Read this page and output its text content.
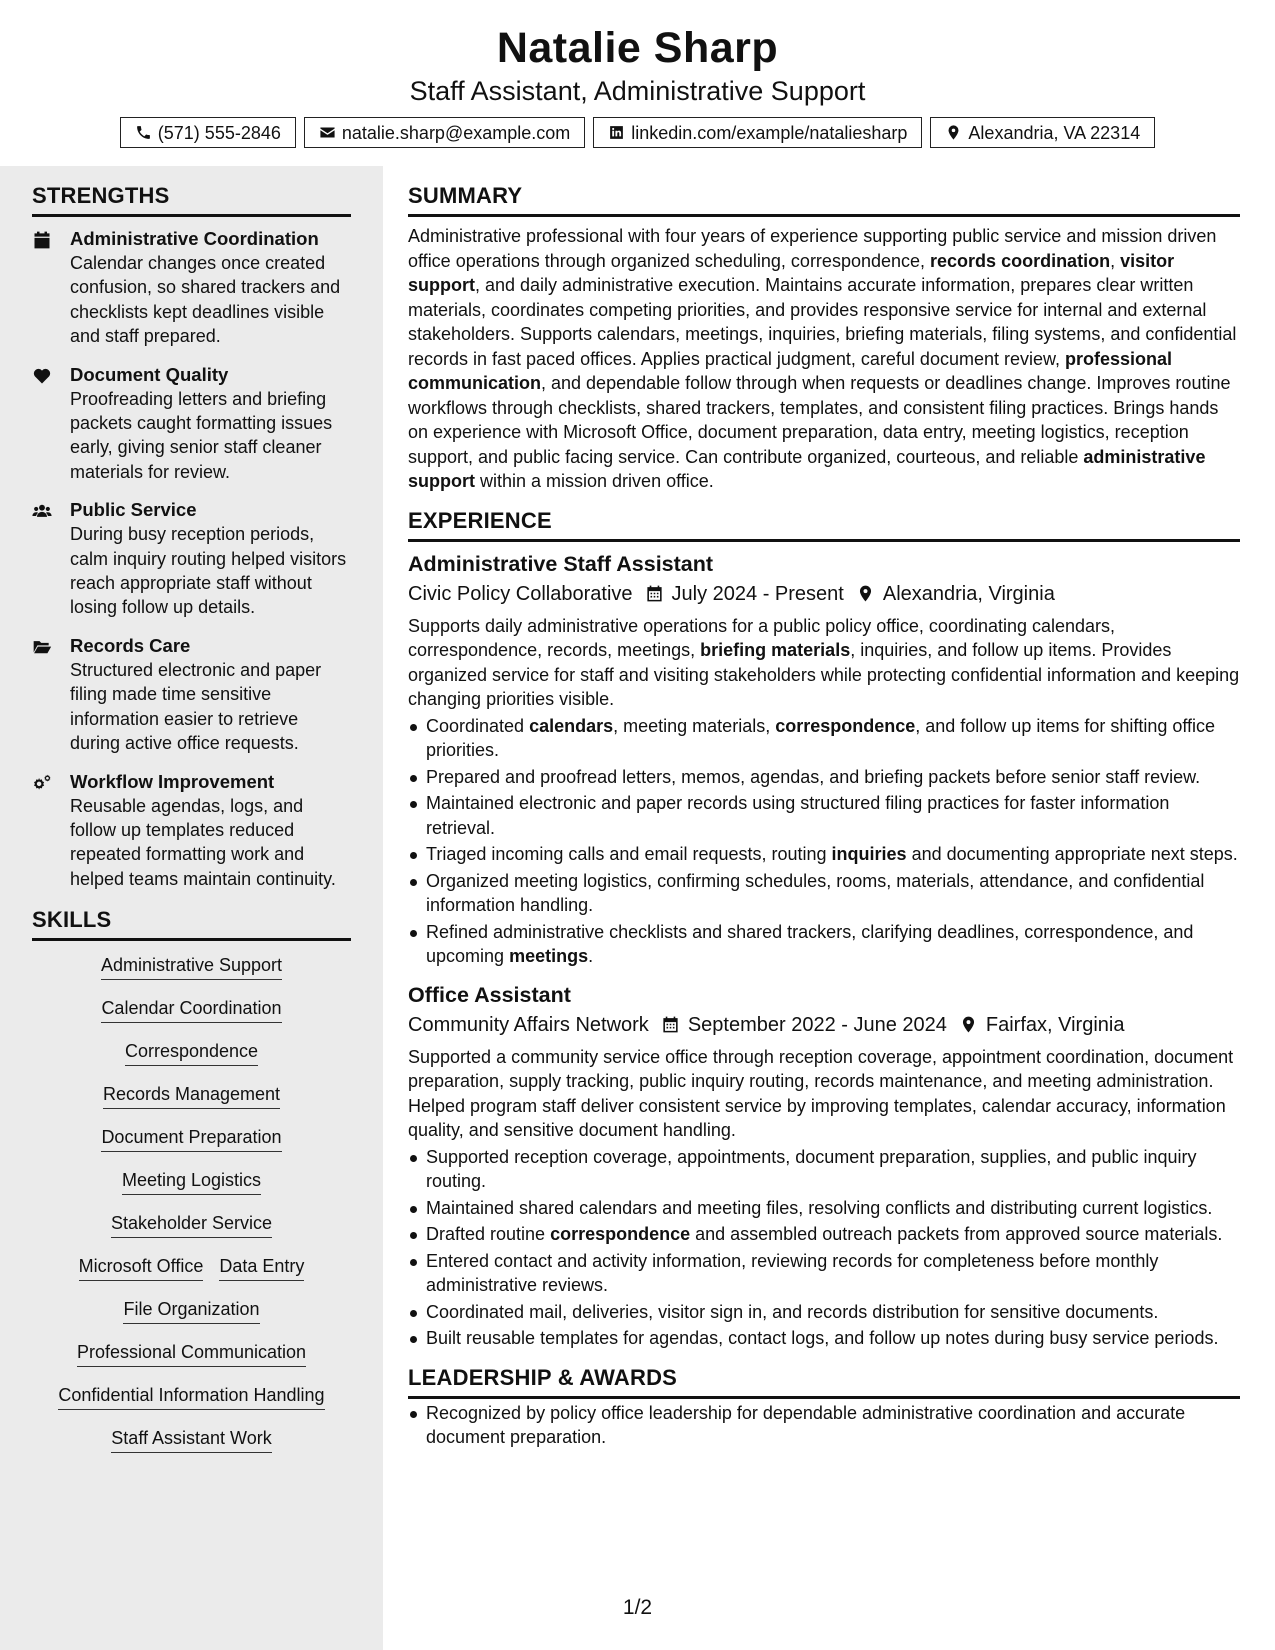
Natalie Sharp
Staff Assistant, Administrative Support
(571) 555-2846	natalie.sharp@example.com	linkedin.com/example/nataliesharp	Alexandria, VA 22314
STRENGTHS
Administrative Coordination
Calendar changes once created confusion, so shared trackers and checklists kept deadlines visible and staff prepared.
Document Quality
Proofreading letters and briefing packets caught formatting issues early, giving senior staff cleaner materials for review.
Public Service
During busy reception periods, calm inquiry routing helped visitors reach appropriate staff without losing follow up details.
Records Care
Structured electronic and paper filing made time sensitive information easier to retrieve during active office requests.
Workflow Improvement
Reusable agendas, logs, and follow up templates reduced repeated formatting work and helped teams maintain continuity.
SKILLS
Administrative Support
Calendar Coordination
Correspondence
Records Management
Document Preparation
Meeting Logistics
Stakeholder Service
Microsoft Office Data Entry
File Organization
Professional Communication
Confidential Information Handling
Staff Assistant Work
SUMMARY
Administrative professional with four years of experience supporting public service and mission driven office operations through organized scheduling, correspondence, records coordination, visitor support, and daily administrative execution. Maintains accurate information, prepares clear written materials, coordinates competing priorities, and provides responsive service for internal and external stakeholders. Supports calendars, meetings, inquiries, briefing materials, filing systems, and confidential records in fast paced offices. Applies practical judgment, careful document review, professional communication, and dependable follow through when requests or deadlines change. Improves routine workflows through checklists, shared trackers, templates, and consistent filing practices. Brings hands on experience with Microsoft Office, document preparation, data entry, meeting logistics, reception support, and public facing service. Can contribute organized, courteous, and reliable administrative support within a mission driven office.
EXPERIENCE
Administrative Staff Assistant
Civic Policy Collaborative July 2024 - Present Alexandria, Virginia
Supports daily administrative operations for a public policy office, coordinating calendars, correspondence, records, meetings, briefing materials, inquiries, and follow up items. Provides organized service for staff and visiting stakeholders while protecting confidential information and keeping changing priorities visible.
Coordinated calendars, meeting materials, correspondence, and follow up items for shifting office priorities.
Prepared and proofread letters, memos, agendas, and briefing packets before senior staff review.
Maintained electronic and paper records using structured filing practices for faster information retrieval.
Triaged incoming calls and email requests, routing inquiries and documenting appropriate next steps.
Organized meeting logistics, confirming schedules, rooms, materials, attendance, and confidential information handling.
Refined administrative checklists and shared trackers, clarifying deadlines, correspondence, and upcoming meetings.
Office Assistant
Community Affairs Network September 2022 - June 2024 Fairfax, Virginia
Supported a community service office through reception coverage, appointment coordination, document preparation, supply tracking, public inquiry routing, records maintenance, and meeting administration. Helped program staff deliver consistent service by improving templates, calendar accuracy, information quality, and sensitive document handling.
Supported reception coverage, appointments, document preparation, supplies, and public inquiry routing.
Maintained shared calendars and meeting files, resolving conflicts and distributing current logistics.
Drafted routine correspondence and assembled outreach packets from approved source materials.
Entered contact and activity information, reviewing records for completeness before monthly administrative reviews.
Coordinated mail, deliveries, visitor sign in, and records distribution for sensitive documents.
Built reusable templates for agendas, contact logs, and follow up notes during busy service periods.
LEADERSHIP & AWARDS
Recognized by policy office leadership for dependable administrative coordination and accurate document preparation.
1/2
